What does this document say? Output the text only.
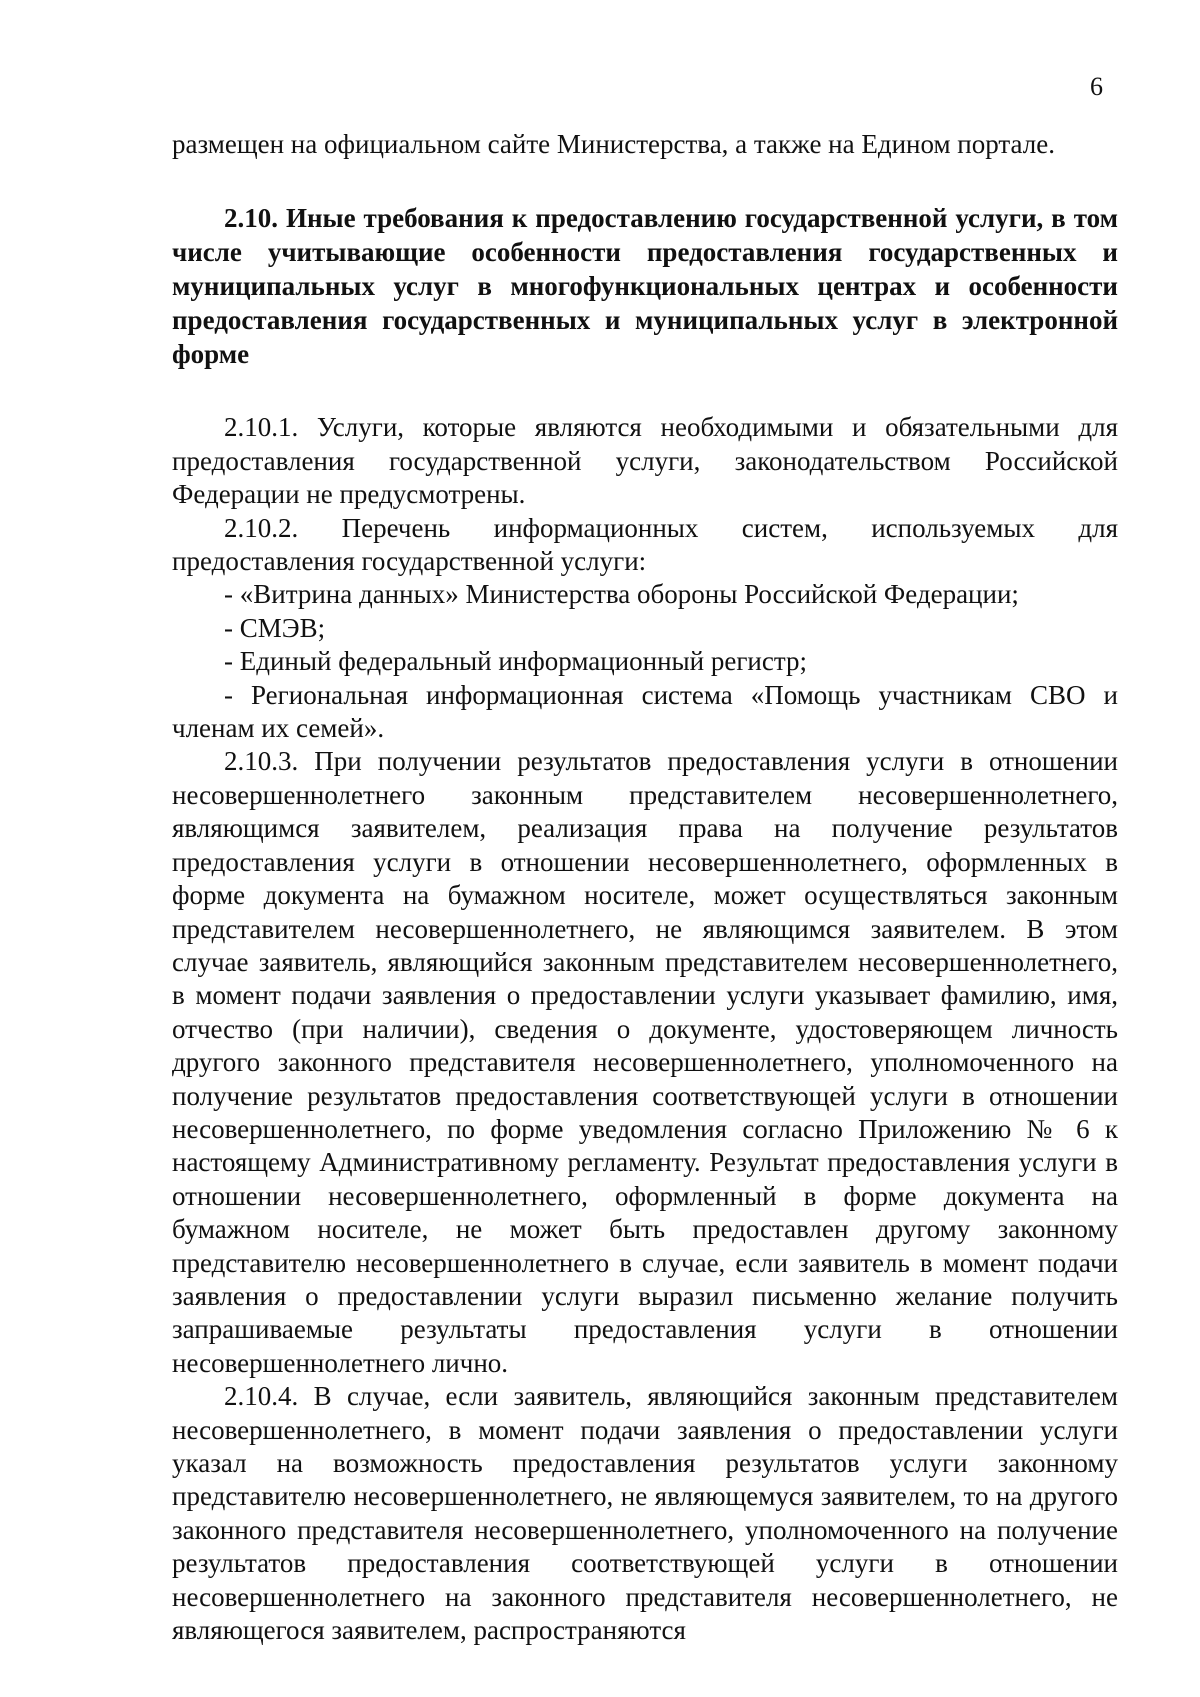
6

размещен на официальном сайте Министерства, а также на Едином портале.

2.10. Иные требования к предоставлению государственной услуги, в том числе учитывающие особенности предоставления государственных и муниципальных услуг в многофункциональных центрах и особенности предоставления государственных и муниципальных услуг в электронной форме

2.10.1. Услуги, которые являются необходимыми и обязательными для предоставления государственной услуги, законодательством Российской Федерации не предусмотрены.

2.10.2. Перечень информационных систем, используемых для предоставления государственной услуги:

- «Витрина данных» Министерства обороны Российской Федерации;

- СМЭВ;

- Единый федеральный информационный регистр;

- Региональная информационная система «Помощь участникам СВО и членам их семей».

2.10.3. При получении результатов предоставления услуги в отношении несовершеннолетнего законным представителем несовершеннолетнего, являющимся заявителем, реализация права на получение результатов предоставления услуги в отношении несовершеннолетнего, оформленных в форме документа на бумажном носителе, может осуществляться законным представителем несовершеннолетнего, не являющимся заявителем. В этом случае заявитель, являющийся законным представителем несовершеннолетнего, в момент подачи заявления о предоставлении услуги указывает фамилию, имя, отчество (при наличии), сведения о документе, удостоверяющем личность другого законного представителя несовершеннолетнего, уполномоченного на получение результатов предоставления соответствующей услуги в отношении несовершеннолетнего, по форме уведомления согласно Приложению № 6 к настоящему Административному регламенту. Результат предоставления услуги в отношении несовершеннолетнего, оформленный в форме документа на бумажном носителе, не может быть предоставлен другому законному представителю несовершеннолетнего в случае, если заявитель в момент подачи заявления о предоставлении услуги выразил письменно желание получить запрашиваемые результаты предоставления услуги в отношении несовершеннолетнего лично.

2.10.4. В случае, если заявитель, являющийся законным представителем несовершеннолетнего, в момент подачи заявления о предоставлении услуги указал на возможность предоставления результатов услуги законному представителю несовершеннолетнего, не являющемуся заявителем, то на другого законного представителя несовершеннолетнего, уполномоченного на получение результатов предоставления соответствующей услуги в отношении несовершеннолетнего на законного представителя несовершеннолетнего, не являющегося заявителем, распространяются
